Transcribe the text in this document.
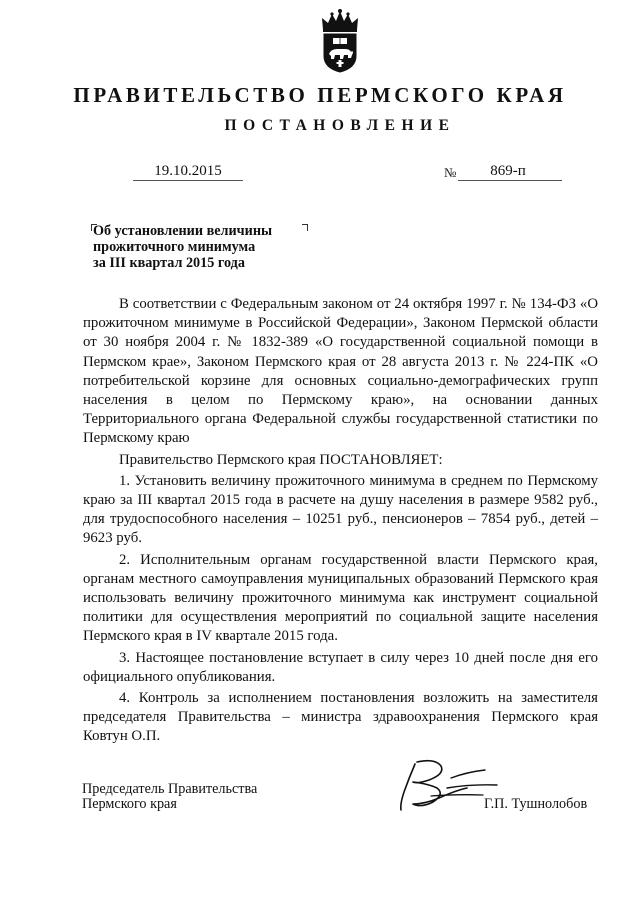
ПРАВИТЕЛЬСТВО ПЕРМСКОГО КРАЯ
ПОСТАНОВЛЕНИЕ
19.10.2015	№	869-п
Об установлении величины
прожиточного минимума
за III квартал 2015 года

В соответствии с Федеральным законом от 24 октября 1997 г. № 134-ФЗ «О прожиточном минимуме в Российской Федерации», Законом Пермской области от 30 ноября 2004 г. № 1832-389 «О государственной социальной помощи в Пермском крае», Законом Пермского края от 28 августа 2013 г. № 224-ПК «О потребительской корзине для основных социально-демографических групп населения в целом по Пермскому краю», на основании данных Территориального органа Федеральной службы государственной статистики по Пермскому краю

Правительство Пермского края ПОСТАНОВЛЯЕТ:

1. Установить величину прожиточного минимума в среднем по Пермскому краю за III квартал 2015 года в расчете на душу населения в размере 9582 руб., для трудоспособного населения – 10251 руб., пенсионеров – 7854 руб., детей – 9623 руб.

2. Исполнительным органам государственной власти Пермского края, органам местного самоуправления муниципальных образований Пермского края использовать величину прожиточного минимума как инструмент социальной политики для осуществления мероприятий по социальной защите населения Пермского края в IV квартале 2015 года.

3. Настоящее постановление вступает в силу через 10 дней после дня его официального опубликования.

4. Контроль за исполнением постановления возложить на заместителя председателя Правительства – министра здравоохранения Пермского края Ковтун О.П.

Председатель Правительства
Пермского края	Г.П. Тушнолобов
